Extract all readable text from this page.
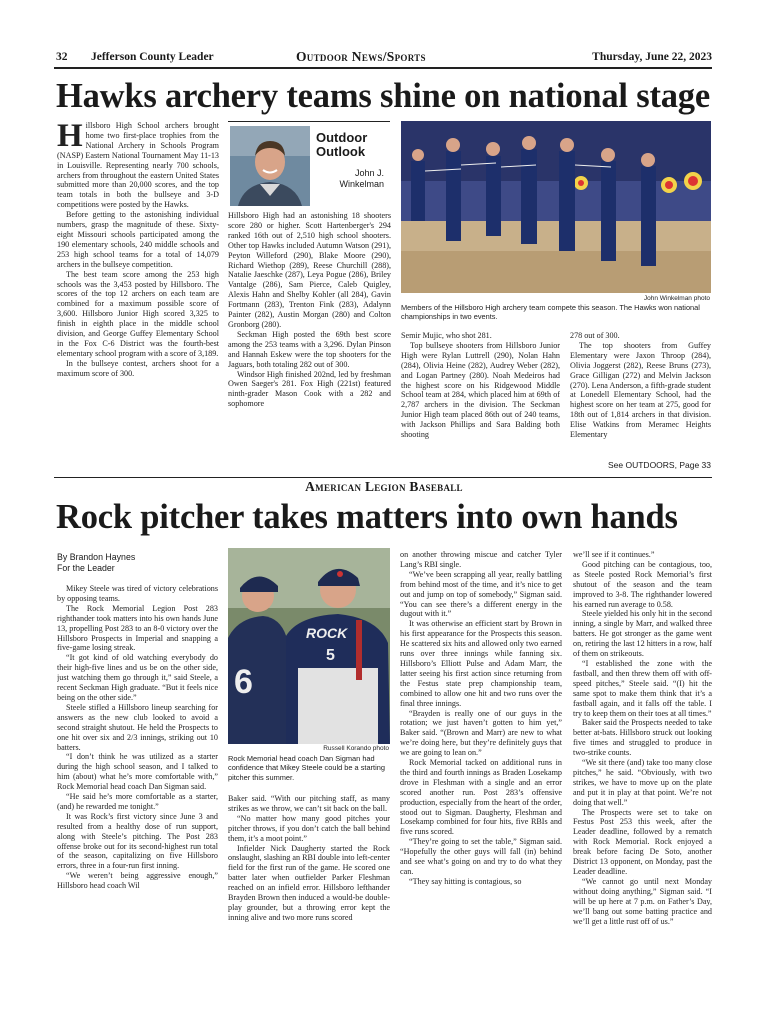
32 Jefferson County Leader	Outdoor News/Sports	Thursday, June 22, 2023
Hawks archery teams shine on national stage
H illsboro High School archers brought home two first-place trophies from the National Archery in Schools Program (NASP) Eastern National Tournament May 11-13 in Louisville. Representing nearly 700 schools, archers from throughout the eastern United States submitted more than 20,000 scores, and the top team totals in both the bullseye and 3-D competitions were posted by the Hawks.

Before getting to the astonishing individual numbers, grasp the magnitude of these. Sixty-eight Missouri schools participated among the 190 elementary schools, 240 middle schools and 253 high school teams for a total of 14,079 archers in the bullseye competition.

The best team score among the 253 high schools was the 3,453 posted by Hillsboro. The scores of the top 12 archers on each team are combined for a maximum possible score of 3,600. Hillsboro Junior High scored 3,325 to finish in eighth place in the middle school division, and George Guffey Elementary School in the Fox C-6 District was the fourth-best elementary school program with a score of 3,189.

In the bullseye contest, archers shoot for a maximum score of 300.

Outdoor
Outlook
John J.
Winkelman

Hillsboro High had an astonishing 18 shooters score 280 or higher. Scott Hartenberger's 294 ranked 16th out of 2,510 high school shooters. Other top Hawks included Autumn Watson (291), Peyton Willeford (290), Blake Moore (290), Richard Wiethop (289), Reese Churchill (288), Natalie Jaeschke (287), Leya Pogue (286), Briley Vantalge (286), Sam Pierce, Caleb Quigley, Alexis Hahn and Shelby Kohler (all 284), Gavin Fortmann (283), Trenton Fink (283), Adalynn Painter (282), Austin Morgan (280) and Colton Gronborg (280).

Seckman High posted the 69th best score among the 253 teams with a 3,296. Dylan Pinson and Hannah Eskew were the top shooters for the Jaguars, both totaling 282 out of 300.

Windsor High finished 202nd, led by freshman Owen Saeger's 281. Fox High (221st) featured ninth-grader Mason Cook with a 282 and sophomore

John Winkelman photo
Members of the Hillsboro High archery team compete this season. The Hawks won national championships in two events.

Semir Mujic, who shot 281.

Top bullseye shooters from Hillsboro Junior High were Rylan Luttrell (290), Nolan Hahn (284), Olivia Heine (282), Audrey Weber (282), and Logan Partney (280). Noah Medeiros had the highest score on his Ridgewood Middle School team at 284, which placed him at 69th of 2,787 archers in the division. The Seckman Junior High team placed 86th out of 240 teams, with Jackson Phillips and Sara Balding both shooting

278 out of 300.

The top shooters from Guffey Elementary were Jaxon Throop (284), Olivia Joggerst (282), Reese Bruns (273), Grace Gilligan (272) and Melvin Jackson (270). Lena Anderson, a fifth-grade student at Lonedell Elementary School, had the highest score on her team at 275, good for 18th out of 1,814 archers in that division. Elise Watkins from Meramec Heights Elementary

See OUTDOORS, Page 33
American Legion Baseball
Rock pitcher takes matters into own hands
By Brandon Haynes
For the Leader

Mikey Steele was tired of victory celebrations by opposing teams.

The Rock Memorial Legion Post 283 righthander took matters into his own hands June 13, propelling Post 283 to an 8-0 victory over the Hillsboro Prospects in Imperial and snapping a five-game losing streak.

“It got kind of old watching everybody do their high-five lines and us be on the other side, just watching them go through it,” said Steele, a recent Seckman High graduate. “But it feels nice being on the other side.”

Steele stifled a Hillsboro lineup searching for answers as the new club looked to avoid a second straight shutout. He held the Prospects to one hit over six and 2/3 innings, striking out 10 batters.

“I don’t think he was utilized as a starter during the high school season, and I talked to him (about) what he’s more comfortable with,” Rock Memorial head coach Dan Sigman said.

“He said he’s more comfortable as a starter, (and) he rewarded me tonight.”

It was Rock’s first victory since June 3 and resulted from a healthy dose of run support, along with Steele’s pitching. The Post 283 offense broke out for its second-highest run total of the season, capitalizing on five Hillsboro errors, three in a four-run first inning.

“We weren’t being aggressive enough,” Hillsboro head coach Wil

6
ROCK
5
Russell Korando photo
Rock Memorial head coach Dan Sigman had confidence that Mikey Steele could be a starting pitcher this summer.

Baker said. “With our pitching staff, as many strikes as we throw, we can’t sit back on the ball.

“No matter how many good pitches your pitcher throws, if you don’t catch the ball behind them, it’s a moot point.”

Infielder Nick Daugherty started the Rock onslaught, slashing an RBI double into left-center field for the first run of the game. He scored one batter later when outfielder Parker Fleshman reached on an infield error. Hillsboro lefthander Brayden Brown then induced a would-be double-play grounder, but a throwing error kept the inning alive and two more runs scored

on another throwing miscue and catcher Tyler Lang’s RBI single.

“We’ve been scrapping all year, really battling from behind most of the time, and it’s nice to get out and jump on top of somebody,” Sigman said. “You can see there’s a different energy in the dugout with it.”

It was otherwise an efficient start by Brown in his first appearance for the Prospects this season. He scattered six hits and allowed only two earned runs over three innings while fanning six. Hillsboro’s Elliott Pulse and Adam Marr, the latter seeing his first action since returning from the Festus state prep championship team, combined to allow one hit and two runs over the final three innings.

“Brayden is really one of our guys in the rotation; we just haven’t gotten to him yet,” Baker said. “(Brown and Marr) are new to what we’re doing here, but they’re definitely guys that we are going to lean on.”

Rock Memorial tacked on additional runs in the third and fourth innings as Braden Losekamp drove in Fleshman with a single and an error scored another run. Post 283’s offensive production, especially from the heart of the order, stood out to Sigman. Daugherty, Fleshman and Losekamp combined for four hits, five RBIs and five runs scored.

“They’re going to set the table,” Sigman said. “Hopefully the other guys will fall (in) behind and see what’s going on and try to do what they can.

“They say hitting is contagious, so

we’ll see if it continues.”

Good pitching can be contagious, too, as Steele posted Rock Memorial’s first shutout of the season and the team improved to 3-8. The righthander lowered his earned run average to 0.58.

Steele yielded his only hit in the second inning, a single by Marr, and walked three batters. He got stronger as the game went on, retiring the last 12 hitters in a row, half of them on strikeouts.

“I established the zone with the fastball, and then threw them off with off-speed pitches,” Steele said. “(I) hit the same spot to make them think that it’s a fastball again, and it falls off the table. I try to keep them on their toes at all times.”

Baker said the Prospects needed to take better at-bats. Hillsboro struck out looking five times and struggled to produce in two-strike counts.

“We sit there (and) take too many close pitches,” he said. “Obviously, with two strikes, we have to move up on the plate and put it in play at that point. We’re not doing that well.”

The Prospects were set to take on Festus Post 253 this week, after the Leader deadline, followed by a rematch with Rock Memorial. Rock enjoyed a break before facing De Soto, another District 13 opponent, on Monday, past the Leader deadline.

“We cannot go until next Monday without doing anything,” Sigman said. “I will be up here at 7 p.m. on Father’s Day, we’ll bang out some batting practice and we’ll get a little rust off of us.”
